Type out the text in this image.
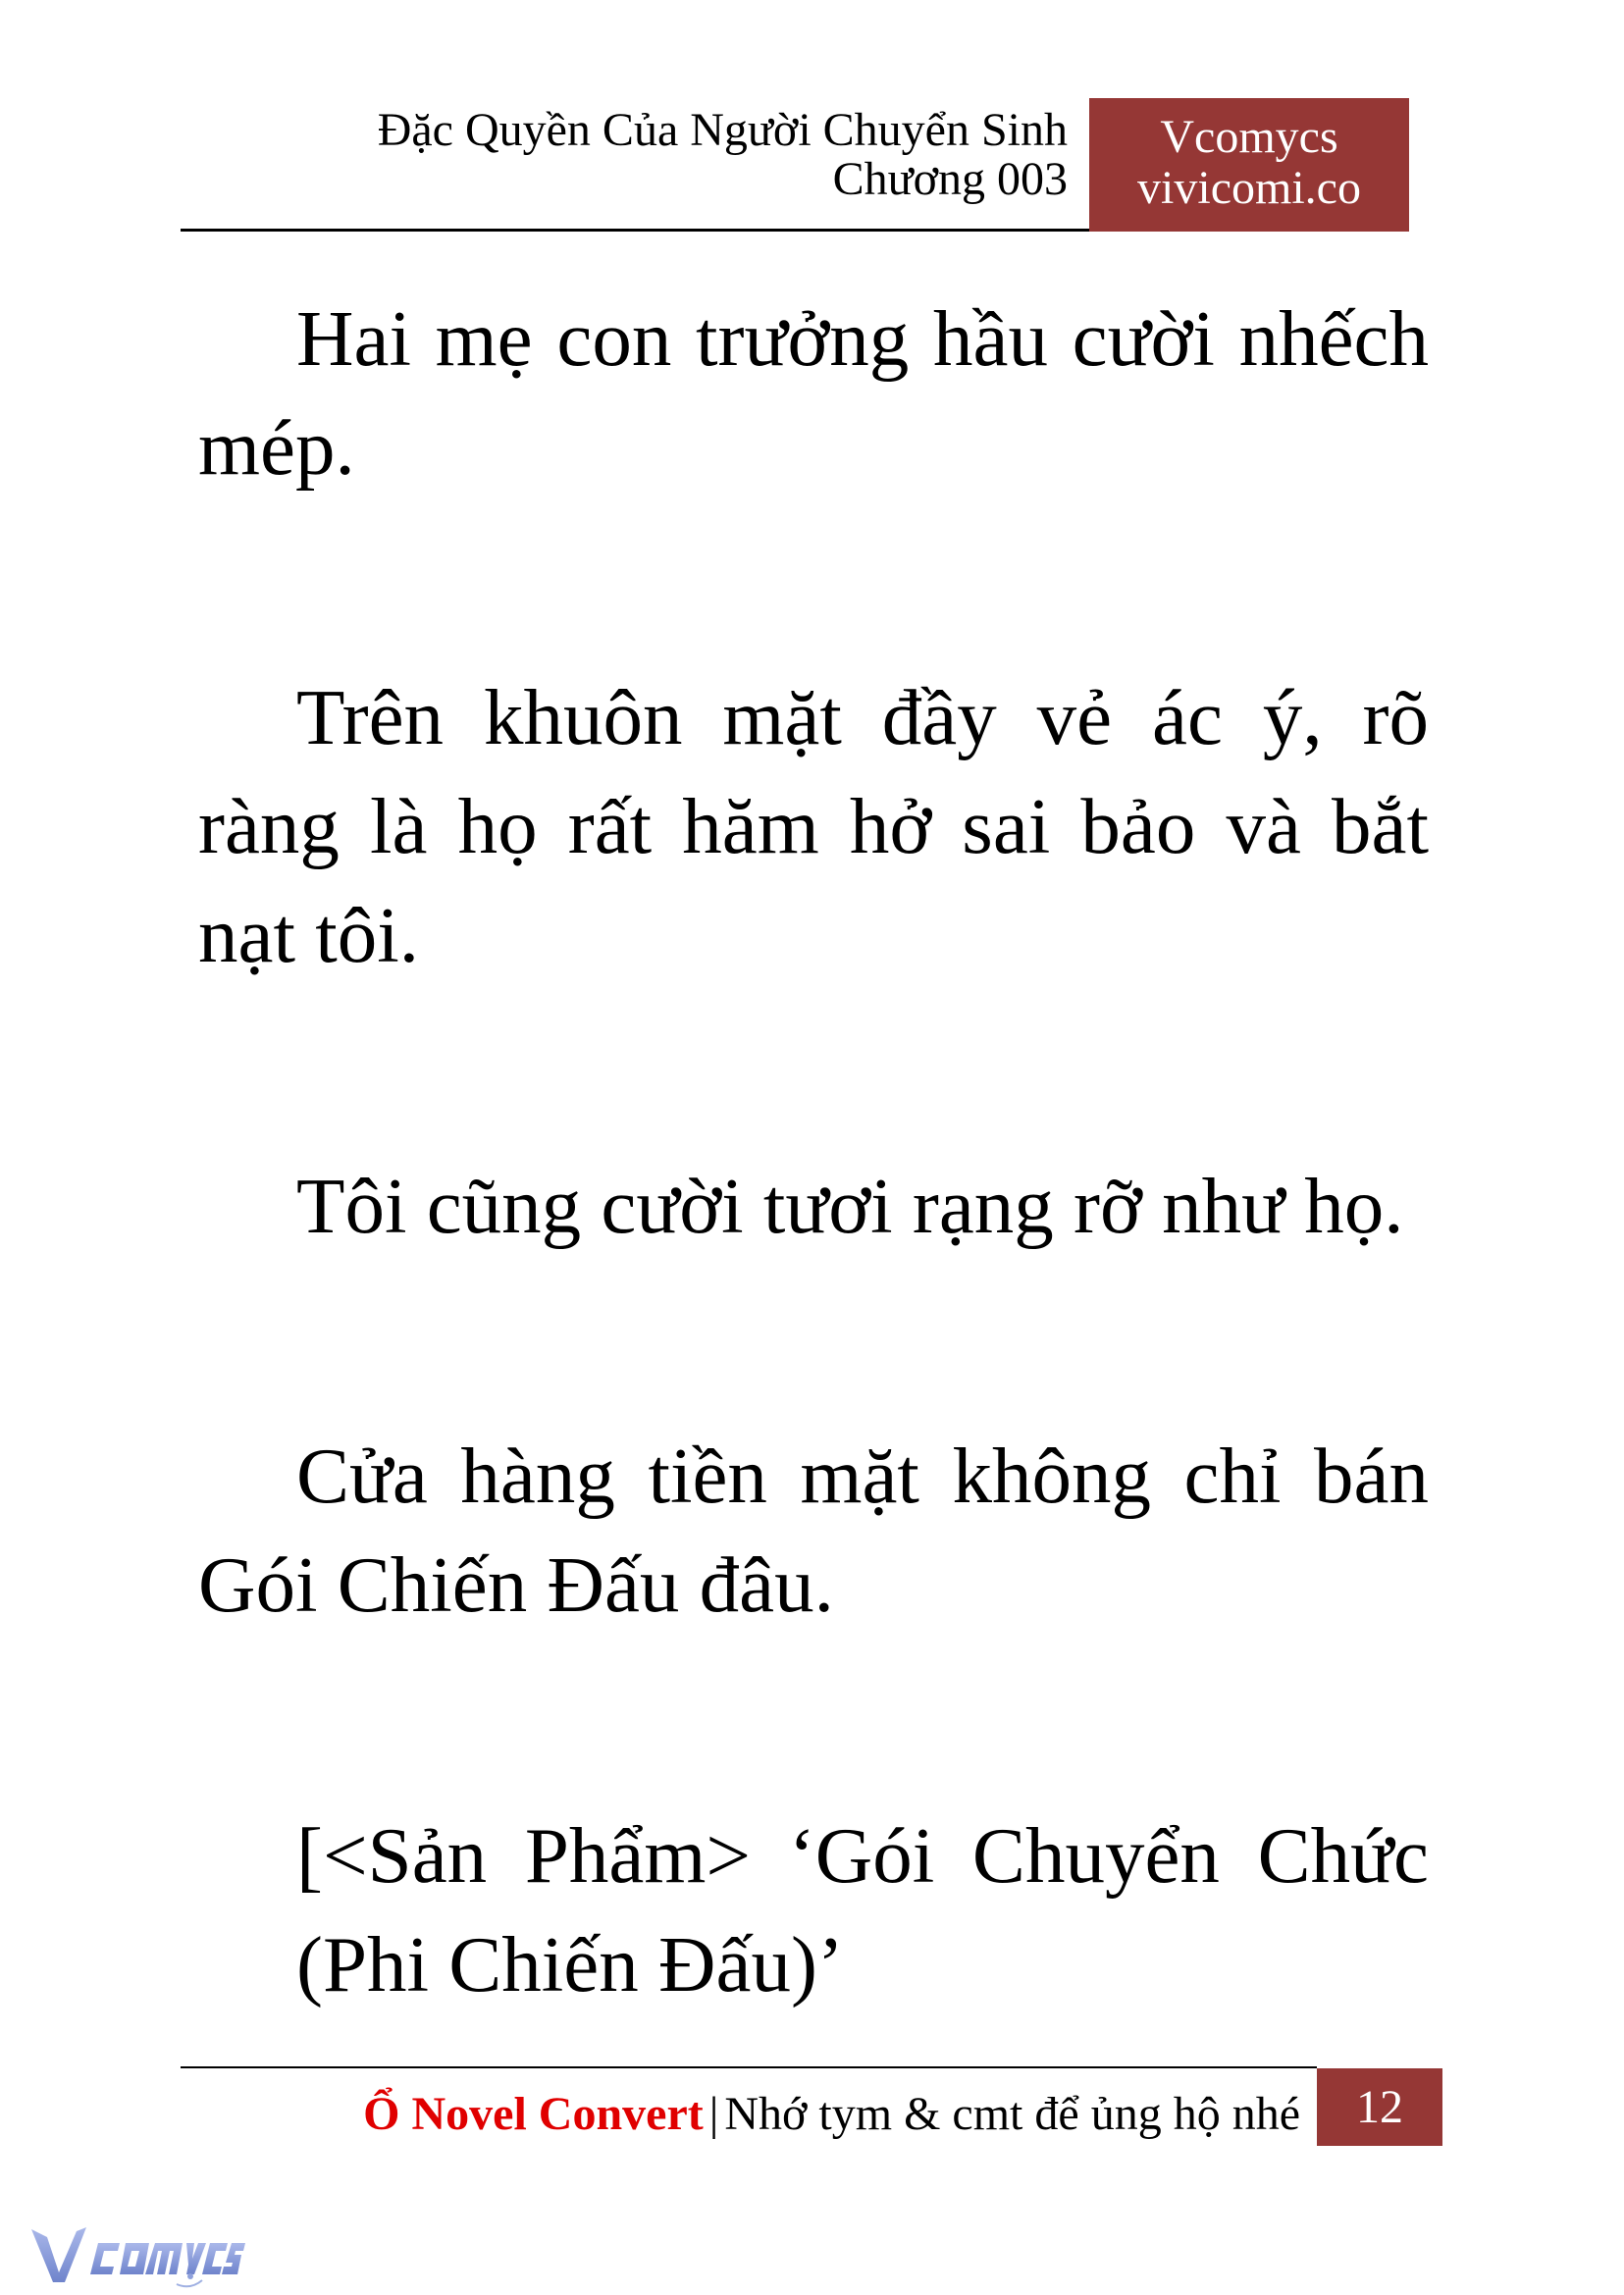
Đặc Quyền Của Người Chuyển Sinh
Chương 003
Vcomycs
vivicomi.co

Hai mẹ con trưởng hầu cười nhếch mép.

Trên khuôn mặt đầy vẻ ác ý, rõ ràng là họ rất hăm hở sai bảo và bắt nạt tôi.

Tôi cũng cười tươi rạng rỡ như họ.

Cửa hàng tiền mặt không chỉ bán Gói Chiến Đấu đâu.

[<Sản Phẩm> ‘Gói Chuyển Chức (Phi Chiến Đấu)’

Ổ Novel Convert | Nhớ tym & cmt để ủng hộ nhé	12
